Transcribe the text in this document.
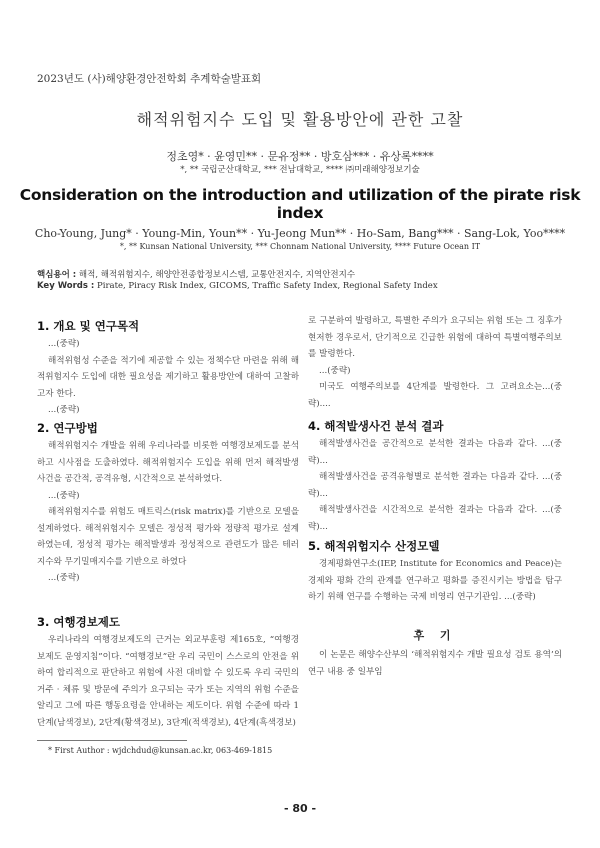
2023년도 (사)해양환경안전학회 추계학술발표회
해적위험지수 도입 및 활용방안에 관한 고찰
정초영* · 윤영민** · 문유정** · 방호삼*** · 유상록****
*, ** 국립군산대학교, *** 전남대학교, **** ㈜미래해양정보기술
Consideration on the introduction and utilization of the pirate risk index
Cho-Young, Jung* · Young-Min, Youn** · Yu-Jeong Mun** · Ho-Sam, Bang*** · Sang-Lok, Yoo****
*, ** Kunsan National University, *** Chonnam National University, **** Future Ocean IT
핵심용어 : 해적, 해적위험지수, 해양안전종합정보시스템, 교통안전지수, 지역안전지수
Key Words : Pirate, Piracy Risk Index, GICOMS, Traffic Safety Index, Regional Safety Index
1. 개요 및 연구목적

...(중략)

해적위험성 수준을 적기에 제공할 수 있는 정책수단 마련을 위해 해적위험지수 도입에 대한 필요성을 제기하고 활용방안에 대하여 고찰하고자 한다.

...(중략)

2. 연구방법

해적위험지수 개발을 위해 우리나라를 비롯한 여행경보제도를 분석하고 시사점을 도출하였다. 해적위험지수 도입을 위해 먼저 해적발생사건을 공간적, 공격유형, 시간적으로 분석하였다.

...(중략)

해적위험지수를 위험도 매트릭스(risk matrix)를 기반으로 모델을 설계하였다. 해적위험지수 모델은 정성적 평가와 정량적 평가로 설계하였는데, 정성적 평가는 해적발생과 정성적으로 관련도가 많은 테러지수와 무기밀매지수를 기반으로 하였다

...(중략)

3. 여행경보제도

우리나라의 여행경보제도의 근거는 외교부훈령 제165호, “여행경보제도 운영지침”이다. “여행경보”란 우리 국민이 스스로의 안전을 위하여 합리적으로 판단하고 위험에 사전 대비할 수 있도록 우리 국민의 거주 · 체류 및 방문에 주의가 요구되는 국가 또는 지역의 위험 수준을 알리고 그에 따른 행동요령을 안내하는 제도이다. 위험 수준에 따라 1단계(남색경보), 2단계(황색경보), 3단계(적색경보), 4단계(흑색경보)

로 구분하여 발령하고, 특별한 주의가 요구되는 위험 또는 그 징후가 현저한 경우로서, 단기적으로 긴급한 위험에 대하여 특별여행주의보를 발령한다.

...(중략)

미국도 여행주의보를 4단계를 발령한다. 그 고려요소는...(중략)....

4. 해적발생사건 분석 결과

해적발생사건을 공간적으로 분석한 결과는 다음과 같다. ...(중략)...

해적발생사건을 공격유형별로 분석한 결과는 다음과 같다. ...(중략)...

해적발생사건을 시간적으로 분석한 결과는 다음과 같다. ...(중략)...

5. 해적위험지수 산정모델

경제평화연구소(IEP, Institute for Economics and Peace)는 경제와 평화 간의 관계를 연구하고 평화를 증진시키는 방법을 탐구하기 위해 연구를 수행하는 국제 비영리 연구기관임. ...(중략)

후 기

이 논문은 해양수산부의 ‘해적위험지수 개발 필요성 검토 용역’의 연구 내용 중 일부임

* First Author : wjdchdud@kunsan.ac.kr, 063-469-1815
- 80 -
